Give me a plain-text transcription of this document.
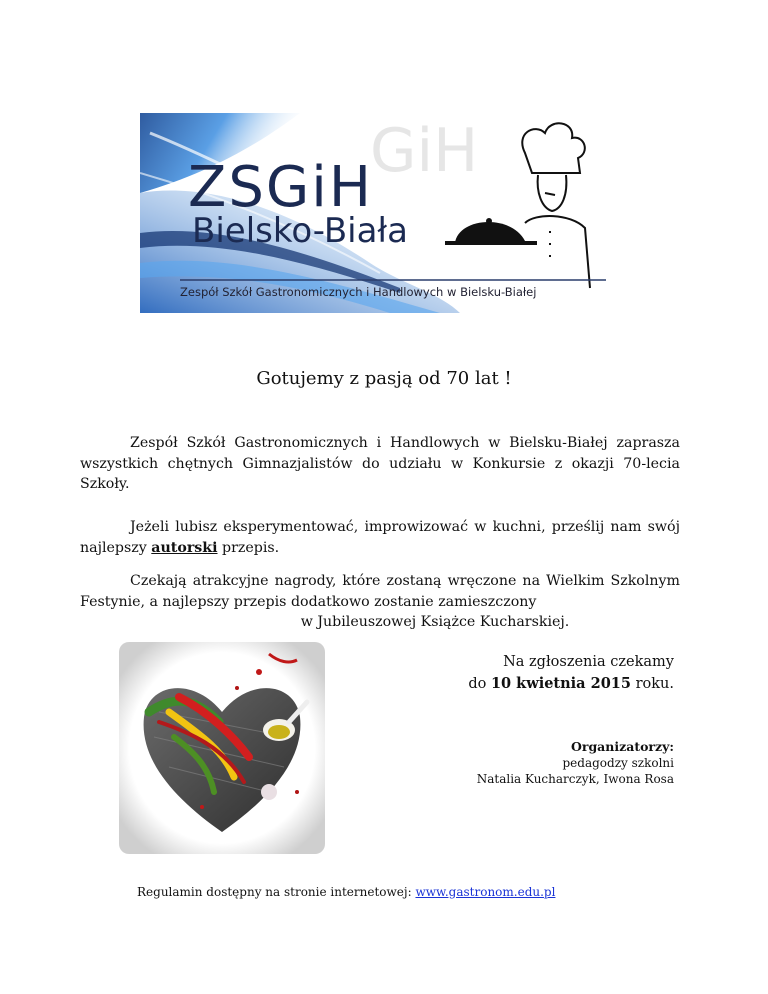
GiH
ZSGiH
Bielsko-Biała
Zespół Szkół Gastronomicznych i Handlowych w Bielsku-Białej
Gotujemy z pasją od 70 lat !
Zespół Szkół Gastronomicznych i Handlowych w Bielsku-Białej zaprasza wszystkich chętnych Gimnazjalistów do udziału w Konkursie z okazji 70-lecia Szkoły.
Jeżeli lubisz eksperymentować, improwizować w kuchni, prześlij nam swój najlepszy autorski przepis.
Czekają atrakcyjne nagrody, które zostaną wręczone na Wielkim Szkolnym Festynie, a najlepszy przepis dodatkowo zostanie zamieszczony
w Jubileuszowej Książce Kucharskiej.
Na zgłoszenia czekamy
do 10 kwietnia 2015 roku.
Organizatorzy:
pedagodzy szkolni
Natalia Kucharczyk, Iwona Rosa
Regulamin dostępny na stronie internetowej: www.gastronom.edu.pl
